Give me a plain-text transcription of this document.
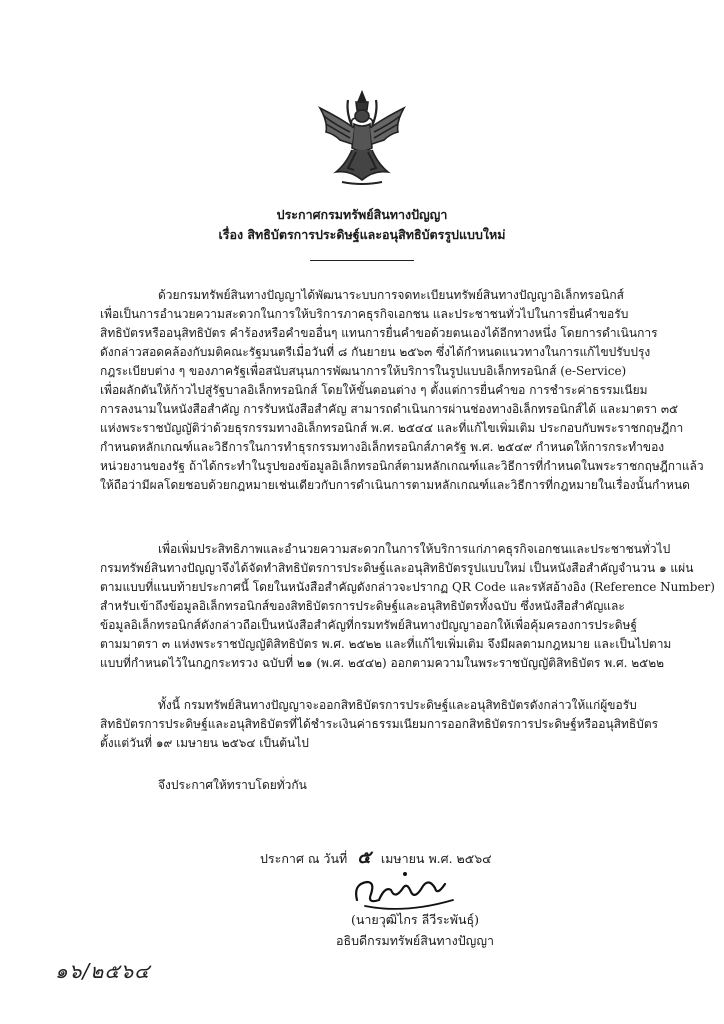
ประกาศกรมทรัพย์สินทางปัญญา
เรื่อง สิทธิบัตรการประดิษฐ์และอนุสิทธิบัตรรูปแบบใหม่

ด้วยกรมทรัพย์สินทางปัญญาได้พัฒนาระบบการจดทะเบียนทรัพย์สินทางปัญญาอิเล็กทรอนิกส์
เพื่อเป็นการอำนวยความสะดวกในการให้บริการภาคธุรกิจเอกชน และประชาชนทั่วไปในการยื่นคำขอรับ
สิทธิบัตรหรืออนุสิทธิบัตร คำร้องหรือคำขออื่นๆ แทนการยื่นคำขอด้วยตนเองได้อีกทางหนึ่ง โดยการดำเนินการ
ดังกล่าวสอดคล้องกับมติคณะรัฐมนตรีเมื่อวันที่ ๘ กันยายน ๒๕๖๓ ซึ่งได้กำหนดแนวทางในการแก้ไขปรับปรุง
กฎระเบียบต่าง ๆ ของภาครัฐเพื่อสนับสนุนการพัฒนาการให้บริการในรูปแบบอิเล็กทรอนิกส์ (e-Service)
เพื่อผลักดันให้ก้าวไปสู่รัฐบาลอิเล็กทรอนิกส์ โดยให้ขั้นตอนต่าง ๆ ตั้งแต่การยื่นคำขอ การชำระค่าธรรมเนียม
การลงนามในหนังสือสำคัญ การรับหนังสือสำคัญ สามารถดำเนินการผ่านช่องทางอิเล็กทรอนิกส์ได้ และมาตรา ๓๕
แห่งพระราชบัญญัติว่าด้วยธุรกรรมทางอิเล็กทรอนิกส์ พ.ศ. ๒๕๔๔ และที่แก้ไขเพิ่มเติม ประกอบกับพระราชกฤษฎีกา
กำหนดหลักเกณฑ์และวิธีการในการทำธุรกรรมทางอิเล็กทรอนิกส์ภาครัฐ พ.ศ. ๒๕๔๙ กำหนดให้การกระทำของ
หน่วยงานของรัฐ ถ้าได้กระทำในรูปของข้อมูลอิเล็กทรอนิกส์ตามหลักเกณฑ์และวิธีการที่กำหนดในพระราชกฤษฎีกาแล้ว
ให้ถือว่ามีผลโดยชอบด้วยกฎหมายเช่นเดียวกับการดำเนินการตามหลักเกณฑ์และวิธีการที่กฎหมายในเรื่องนั้นกำหนด

เพื่อเพิ่มประสิทธิภาพและอำนวยความสะดวกในการให้บริการแก่ภาคธุรกิจเอกชนและประชาชนทั่วไป
กรมทรัพย์สินทางปัญญาจึงได้จัดทำสิทธิบัตรการประดิษฐ์และอนุสิทธิบัตรรูปแบบใหม่ เป็นหนังสือสำคัญจำนวน ๑ แผ่น
ตามแบบที่แนบท้ายประกาศนี้ โดยในหนังสือสำคัญดังกล่าวจะปรากฏ QR Code และรหัสอ้างอิง (Reference Number)
สำหรับเข้าถึงข้อมูลอิเล็กทรอนิกส์ของสิทธิบัตรการประดิษฐ์และอนุสิทธิบัตรทั้งฉบับ ซึ่งหนังสือสำคัญและ
ข้อมูลอิเล็กทรอนิกส์ดังกล่าวถือเป็นหนังสือสำคัญที่กรมทรัพย์สินทางปัญญาออกให้เพื่อคุ้มครองการประดิษฐ์
ตามมาตรา ๓ แห่งพระราชบัญญัติสิทธิบัตร พ.ศ. ๒๕๒๒ และที่แก้ไขเพิ่มเติม จึงมีผลตามกฎหมาย และเป็นไปตาม
แบบที่กำหนดไว้ในกฎกระทรวง ฉบับที่ ๒๑ (พ.ศ. ๒๕๔๒) ออกตามความในพระราชบัญญัติสิทธิบัตร พ.ศ. ๒๕๒๒

ทั้งนี้ กรมทรัพย์สินทางปัญญาจะออกสิทธิบัตรการประดิษฐ์และอนุสิทธิบัตรดังกล่าวให้แก่ผู้ขอรับ
สิทธิบัตรการประดิษฐ์และอนุสิทธิบัตรที่ได้ชำระเงินค่าธรรมเนียมการออกสิทธิบัตรการประดิษฐ์หรืออนุสิทธิบัตร
ตั้งแต่วันที่ ๑๙ เมษายน ๒๕๖๔ เป็นต้นไป

จึงประกาศให้ทราบโดยทั่วกัน

ประกาศ ณ วันที่ ๕ เมษายน พ.ศ. ๒๕๖๔
(นายวุฒิไกร ลีวีระพันธุ์)
อธิบดีกรมทรัพย์สินทางปัญญา
๑๖/๒๕๖๔
